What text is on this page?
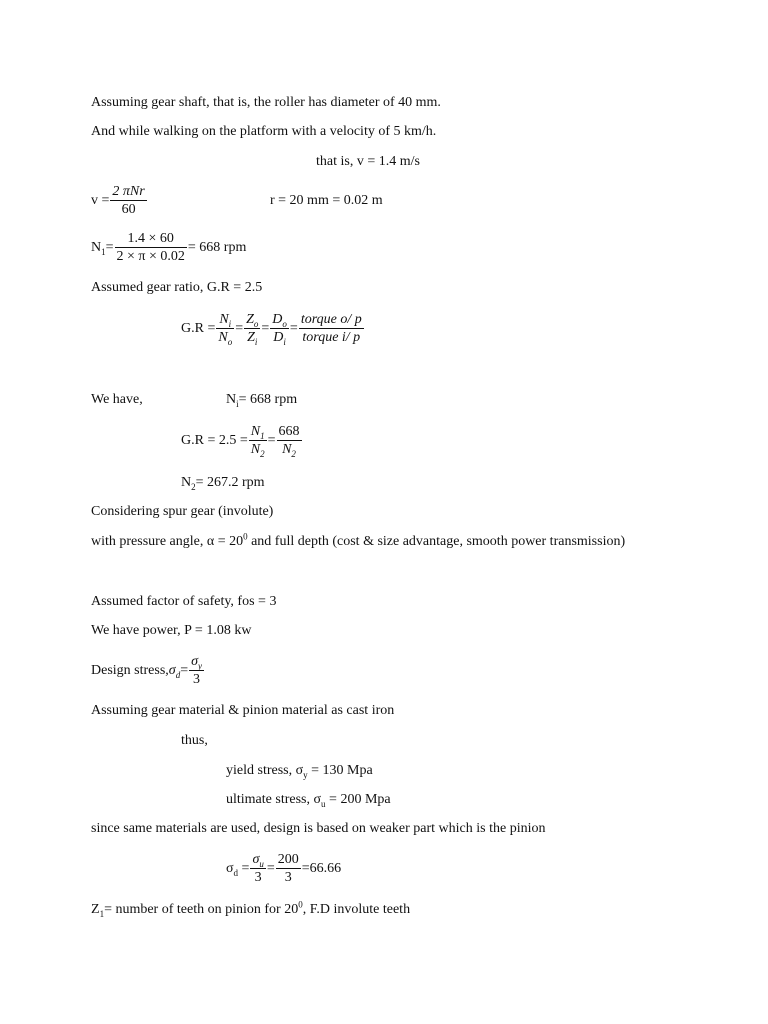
Assuming gear shaft, that is, the roller has diameter of 40 mm.
And while walking on the platform with a velocity of 5 km/h.
that is, v = 1.4 m/s
$v = \frac{\text{2 πNr}}{60}$	r = 20 mm = 0.02 m
$N_1 = \frac{1.4 \times 60}{2 \times \pi \times 0.02} = 668$ rpm
Assumed gear ratio, G.R = 2.5
$G.R = \frac{N_i}{N_o} = \frac{Z_o}{Z_i} = \frac{D_o}{D_i} = \frac{\text{torque o/ p}}{\text{torque i/ p}}$
We have,	$N_i= 668$ rpm
$G.R = 2.5 = \frac{N_1}{N_2} = \frac{668}{N_2}$
$N_2= 267.2$ rpm
Considering spur gear (involute)
with pressure angle, $\alpha = 20^0$ and full depth (cost & size advantage, smooth power transmission)
Assumed factor of safety, fos = 3
We have power, P = 1.08 kw
Design stress, $\sigma_d = \frac{\sigma_y}{3}$
Assuming gear material & pinion material as cast iron
thus,
yield stress, $\sigma_y = 130$ Mpa
ultimate stress, $\sigma_u = 200$ Mpa
since same materials are used, design is based on weaker part which is the pinion
$\sigma_d = \frac{\sigma_u}{3} = \frac{200}{3} =66.66$
$Z_1=$ number of teeth on pinion for $20^0$, F.D involute teeth
